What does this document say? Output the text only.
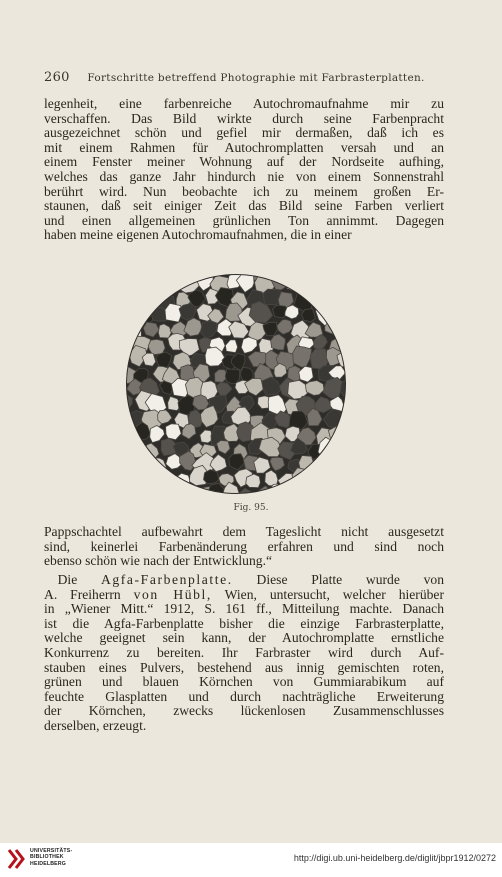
260 Fortschritte betreffend Photographie mit Farbrasterplatten.
legenheit, eine farbenreiche Autochromaufnahme mir zu
verschaffen. Das Bild wirkte durch seine Farbenpracht
ausgezeichnet schön und gefiel mir dermaßen, daß ich es
mit einem Rahmen für Autochromplatten versah und an
einem Fenster meiner Wohnung auf der Nordseite aufhing,
welches das ganze Jahr hindurch nie von einem Sonnenstrahl
berührt wird. Nun beobachte ich zu meinem großen Er-
staunen, daß seit einiger Zeit das Bild seine Farben verliert
und einen allgemeinen grünlichen Ton annimmt. Dagegen
haben meine eigenen Autochromaufnahmen, die in einer
Fig. 95.
Pappschachtel aufbewahrt dem Tageslicht nicht ausgesetzt
sind, keinerlei Farbenänderung erfahren und sind noch
ebenso schön wie nach der Entwicklung.“
 Die Agfa-Farbenplatte. Diese Platte wurde von
A. Freiherrn von Hübl, Wien, untersucht, welcher hierüber
in „Wiener Mitt.“ 1912, S. 161 ff., Mitteilung machte. Danach
ist die Agfa-Farbenplatte bisher die einzige Farbrasterplatte,
welche geeignet sein kann, der Autochromplatte ernstliche
Konkurrenz zu bereiten. Ihr Farbraster wird durch Auf-
stauben eines Pulvers, bestehend aus innig gemischten roten,
grünen und blauen Körnchen von Gummiarabikum auf
feuchte Glasplatten und durch nachträgliche Erweiterung
der Körnchen, zwecks lückenlosen Zusammenschlusses
derselben, erzeugt.
UNIVERSITÄTS-
BIBLIOTHEK
HEIDELBERG
http://digi.ub.uni-heidelberg.de/diglit/jbpr1912/0272
